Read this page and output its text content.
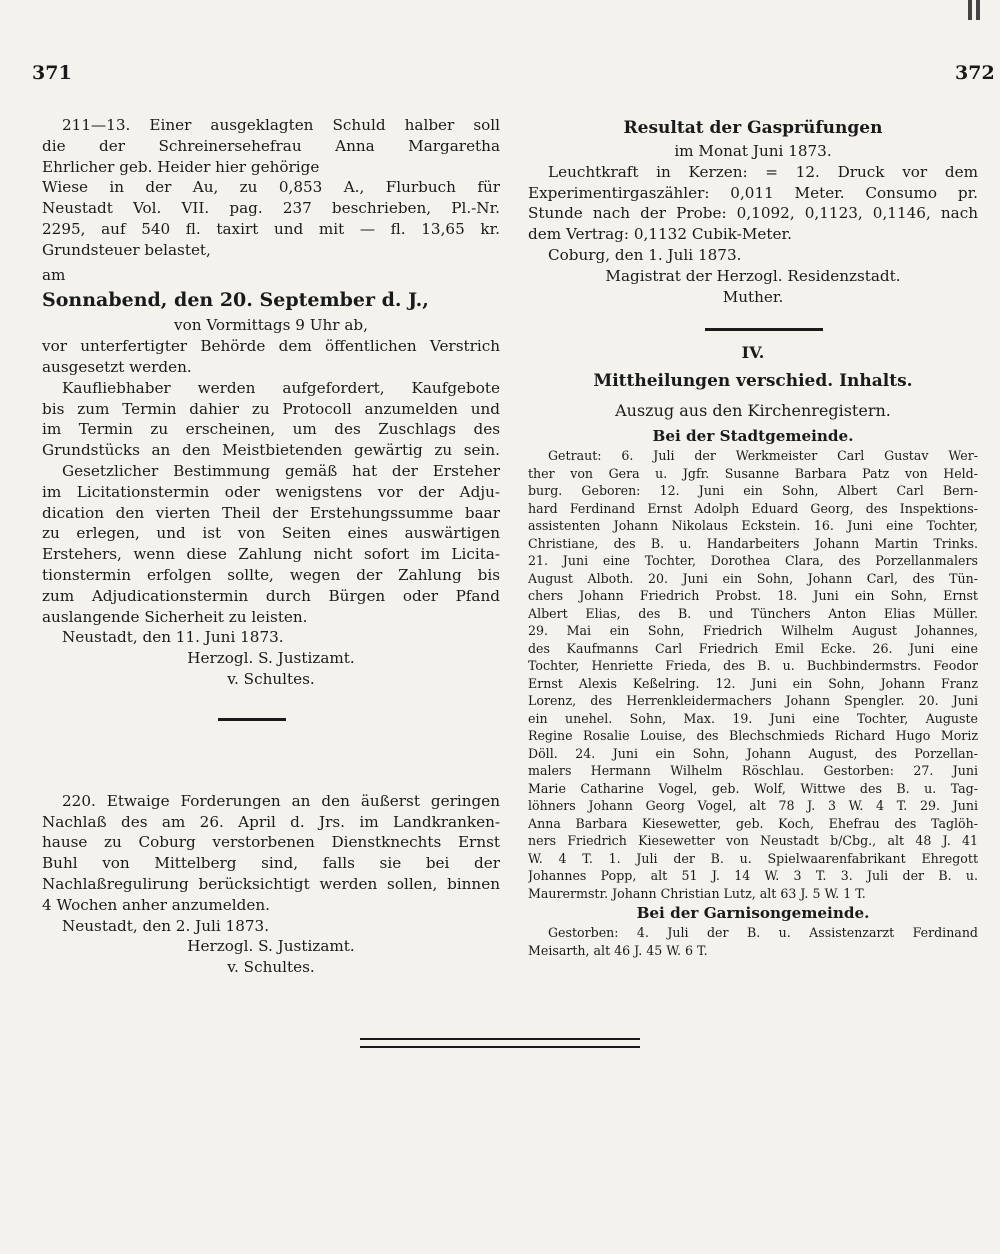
371	372
211—13. Einer ausgeklagten Schuld halber soll
die der Schreinersehefrau Anna Margaretha
Ehrlicher geb. Heider hier gehörige
Wiese in der Au, zu 0,853 A., Flurbuch für
Neustadt Vol. VII. pag. 237 beschrieben, Pl.-Nr.
2295, auf 540 fl. taxirt und mit — fl. 13,65 kr.
Grundsteuer belastet,
am
Sonnabend, den 20. September d. J.,
von Vormittags 9 Uhr ab,
vor unterfertigter Behörde dem öffentlichen Verstrich
ausgesetzt werden.
Kaufliebhaber werden aufgefordert, Kaufgebote
bis zum Termin dahier zu Protocoll anzumelden und
im Termin zu erscheinen, um des Zuschlags des
Grundstücks an den Meistbietenden gewärtig zu sein.
Gesetzlicher Bestimmung gemäß hat der Ersteher
im Licitationstermin oder wenigstens vor der Adju-
dication den vierten Theil der Erstehungssumme baar
zu erlegen, und ist von Seiten eines auswärtigen
Erstehers, wenn diese Zahlung nicht sofort im Licita-
tionstermin erfolgen sollte, wegen der Zahlung bis
zum Adjudicationstermin durch Bürgen oder Pfand
auslangende Sicherheit zu leisten.
Neustadt, den 11. Juni 1873.
Herzogl. S. Justizamt.
v. Schultes.
220. Etwaige Forderungen an den äußerst geringen
Nachlaß des am 26. April d. Jrs. im Landkranken-
hause zu Coburg verstorbenen Dienstknechts Ernst
Buhl von Mittelberg sind, falls sie bei der
Nachlaßregulirung berücksichtigt werden sollen, binnen
4 Wochen anher anzumelden.
Neustadt, den 2. Juli 1873.
Herzogl. S. Justizamt.
v. Schultes.
Resultat der Gasprüfungen
im Monat Juni 1873.
Leuchtkraft in Kerzen: = 12. Druck vor dem
Experimentirgaszähler: 0,011 Meter. Consumo pr.
Stunde nach der Probe: 0,1092, 0,1123, 0,1146, nach
dem Vertrag: 0,1132 Cubik-Meter.
Coburg, den 1. Juli 1873.
Magistrat der Herzogl. Residenzstadt.
Muther.
IV.
Mittheilungen verschied. Inhalts.
Auszug aus den Kirchenregistern.
Bei der Stadtgemeinde.
Getraut: 6. Juli der Werkmeister Carl Gustav Wer-
ther von Gera u. Jgfr. Susanne Barbara Patz von Held-
burg. Geboren: 12. Juni ein Sohn, Albert Carl Bern-
hard Ferdinand Ernst Adolph Eduard Georg, des Inspektions-
assistenten Johann Nikolaus Eckstein. 16. Juni eine Tochter,
Christiane, des B. u. Handarbeiters Johann Martin Trinks.
21. Juni eine Tochter, Dorothea Clara, des Porzellanmalers
August Alboth. 20. Juni ein Sohn, Johann Carl, des Tün-
chers Johann Friedrich Probst. 18. Juni ein Sohn, Ernst
Albert Elias, des B. und Tünchers Anton Elias Müller.
29. Mai ein Sohn, Friedrich Wilhelm August Johannes,
des Kaufmanns Carl Friedrich Emil Ecke. 26. Juni eine
Tochter, Henriette Frieda, des B. u. Buchbindermstrs. Feodor
Ernst Alexis Keßelring. 12. Juni ein Sohn, Johann Franz
Lorenz, des Herrenkleidermachers Johann Spengler. 20. Juni
ein unehel. Sohn, Max. 19. Juni eine Tochter, Auguste
Regine Rosalie Louise, des Blechschmieds Richard Hugo Moriz
Döll. 24. Juni ein Sohn, Johann August, des Porzellan-
malers Hermann Wilhelm Röschlau. Gestorben: 27. Juni
Marie Catharine Vogel, geb. Wolf, Wittwe des B. u. Tag-
löhners Johann Georg Vogel, alt 78 J. 3 W. 4 T. 29. Juni
Anna Barbara Kiesewetter, geb. Koch, Ehefrau des Taglöh-
ners Friedrich Kiesewetter von Neustadt b/Cbg., alt 48 J. 41
W. 4 T. 1. Juli der B. u. Spielwaarenfabrikant Ehregott
Johannes Popp, alt 51 J. 14 W. 3 T. 3. Juli der B. u.
Maurermstr. Johann Christian Lutz, alt 63 J. 5 W. 1 T.
Bei der Garnisongemeinde.
Gestorben: 4. Juli der B. u. Assistenzarzt Ferdinand
Meisarth, alt 46 J. 45 W. 6 T.
